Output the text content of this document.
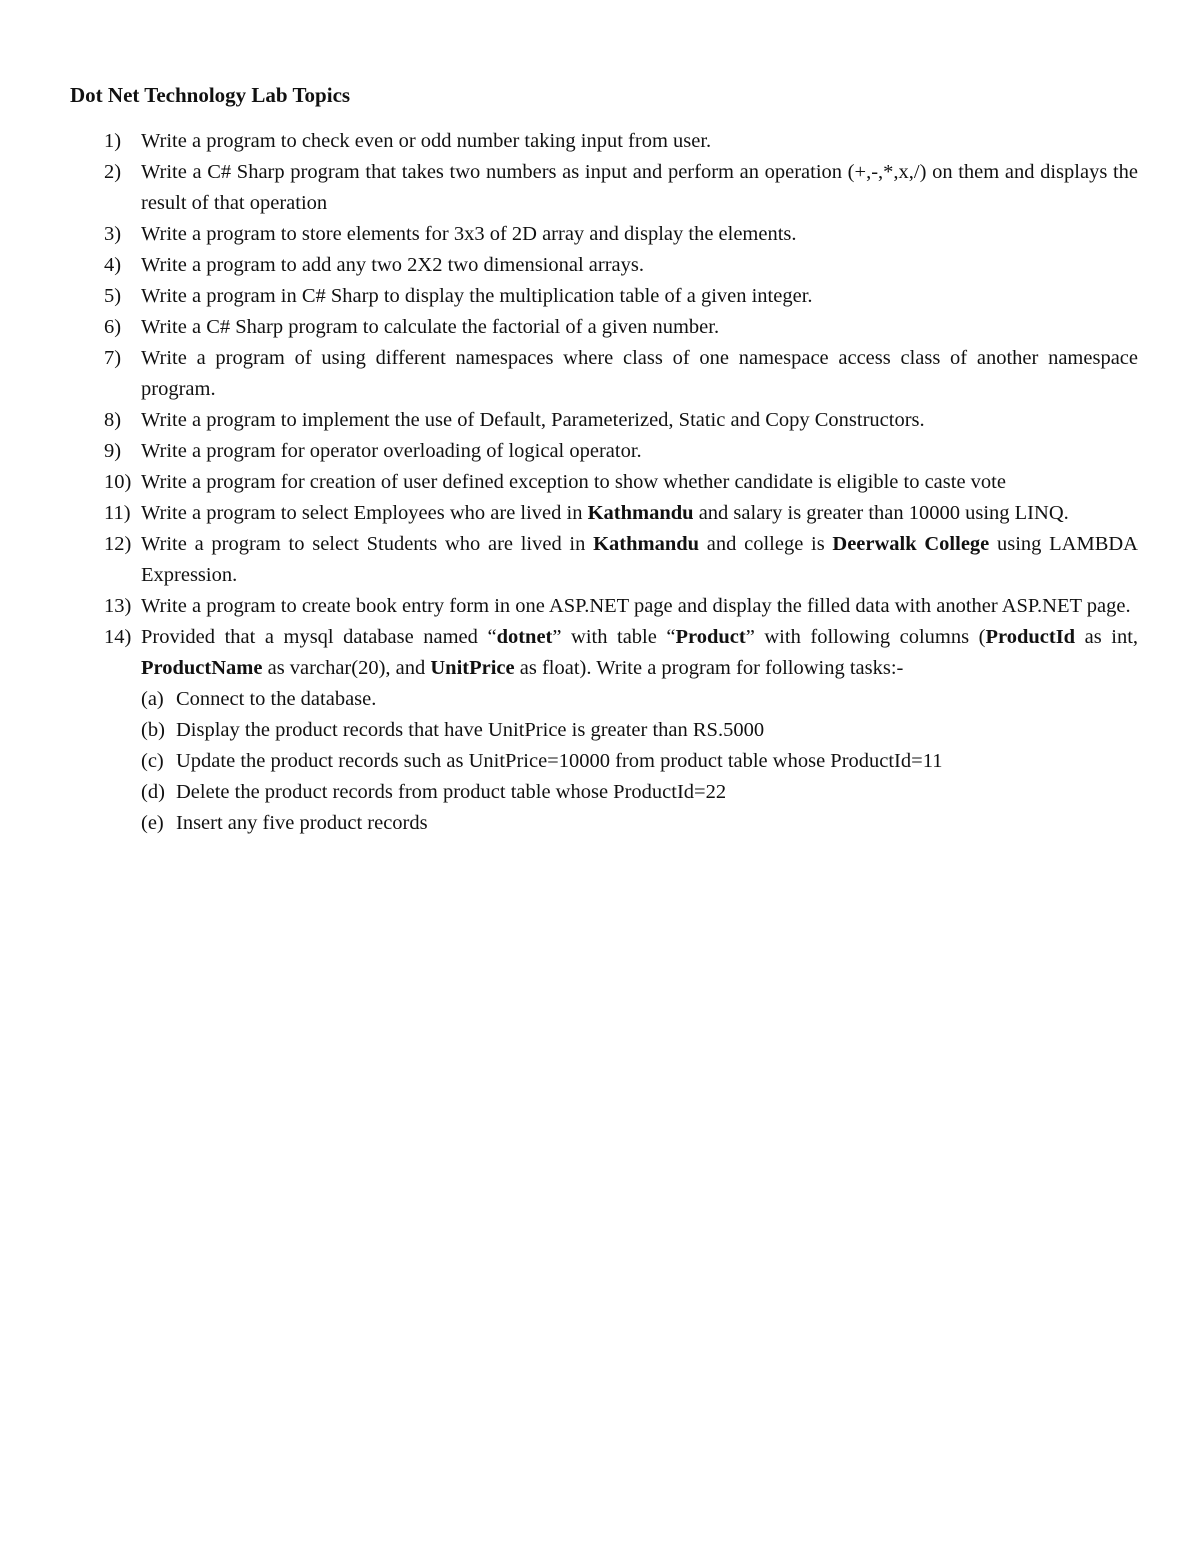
Dot Net Technology Lab Topics
1) Write a program to check even or odd number taking input from user.
2) Write a C# Sharp program that takes two numbers as input and perform an operation (+,-,*,x,/) on them and displays the result of that operation
3) Write a program to store elements for 3x3 of 2D array and display the elements.
4) Write a program to add any two 2X2 two dimensional arrays.
5) Write a program in C# Sharp to display the multiplication table of a given integer.
6) Write a C# Sharp program to calculate the factorial of a given number.
7) Write a program of using different namespaces where class of one namespace access class of another namespace program.
8) Write a program to implement the use of Default, Parameterized, Static and Copy Constructors.
9) Write a program for operator overloading of logical operator.
10) Write a program for creation of user defined exception to show whether candidate is eligible to caste vote
11) Write a program to select Employees who are lived in Kathmandu and salary is greater than 10000 using LINQ.
12) Write a program to select Students who are lived in Kathmandu and college is Deerwalk College using LAMBDA Expression.
13) Write a program to create book entry form in one ASP.NET page and display the filled data with another ASP.NET page.
14) Provided that a mysql database named “dotnet” with table “Product” with following columns (ProductId as int, ProductName as varchar(20), and UnitPrice as float). Write a program for following tasks:-
(a) Connect to the database.
(b) Display the product records that have UnitPrice is greater than RS.5000
(c) Update the product records such as UnitPrice=10000 from product table whose ProductId=11
(d) Delete the product records from product table whose ProductId=22
(e) Insert any five product records
